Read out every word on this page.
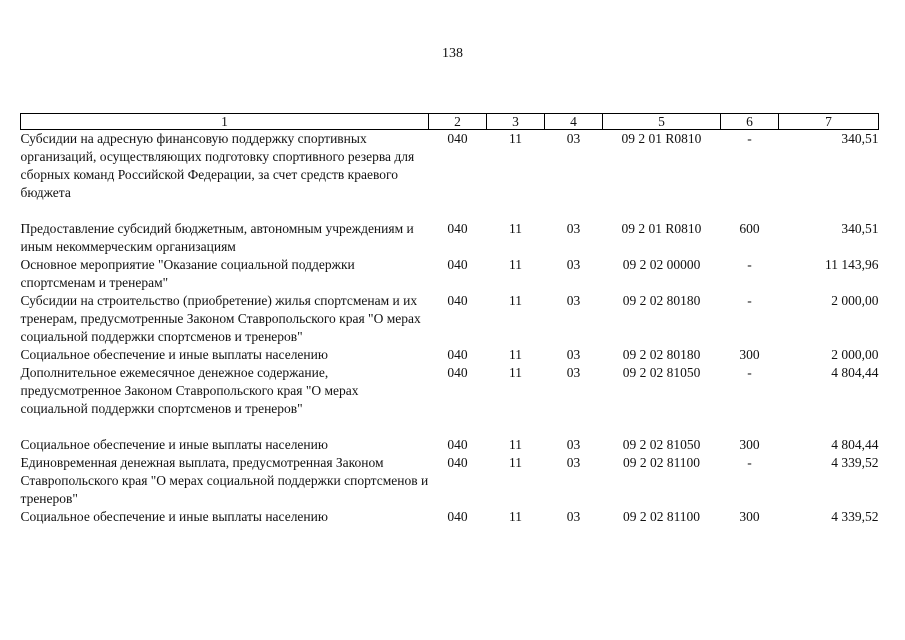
138
1	2	3	4	5	6	7
Субсидии на адресную финансовую поддержку спортивных организаций, осуществляющих подготовку спортивного резерва для сборных команд Российской Федерации, за счет средств краевого бюджета	040	11	03	09 2 01 R0810	-	340,51

Предоставление субсидий бюджетным, автономным учреждениям и иным некоммерческим организациям	040	11	03	09 2 01 R0810	600	340,51
Основное мероприятие "Оказание социальной поддержки спортсменам и тренерам"	040	11	03	09 2 02 00000	-	11 143,96
Субсидии на строительство (приобретение) жилья спортсменам и их тренерам, предусмотренные Законом Ставропольского края "О мерах социальной поддержки спортсменов и тренеров"	040	11	03	09 2 02 80180	-	2 000,00
Социальное обеспечение и иные выплаты населению	040	11	03	09 2 02 80180	300	2 000,00
Дополнительное ежемесячное денежное содержание, предусмотренное Законом Ставропольского края "О мерах социальной поддержки спортсменов и тренеров"	040	11	03	09 2 02 81050	-	4 804,44

Социальное обеспечение и иные выплаты населению	040	11	03	09 2 02 81050	300	4 804,44
Единовременная денежная выплата, предусмотренная Законом Ставропольского края "О мерах социальной поддержки спортсменов и тренеров"	040	11	03	09 2 02 81100	-	4 339,52
Социальное обеспечение и иные выплаты населению	040	11	03	09 2 02 81100	300	4 339,52
